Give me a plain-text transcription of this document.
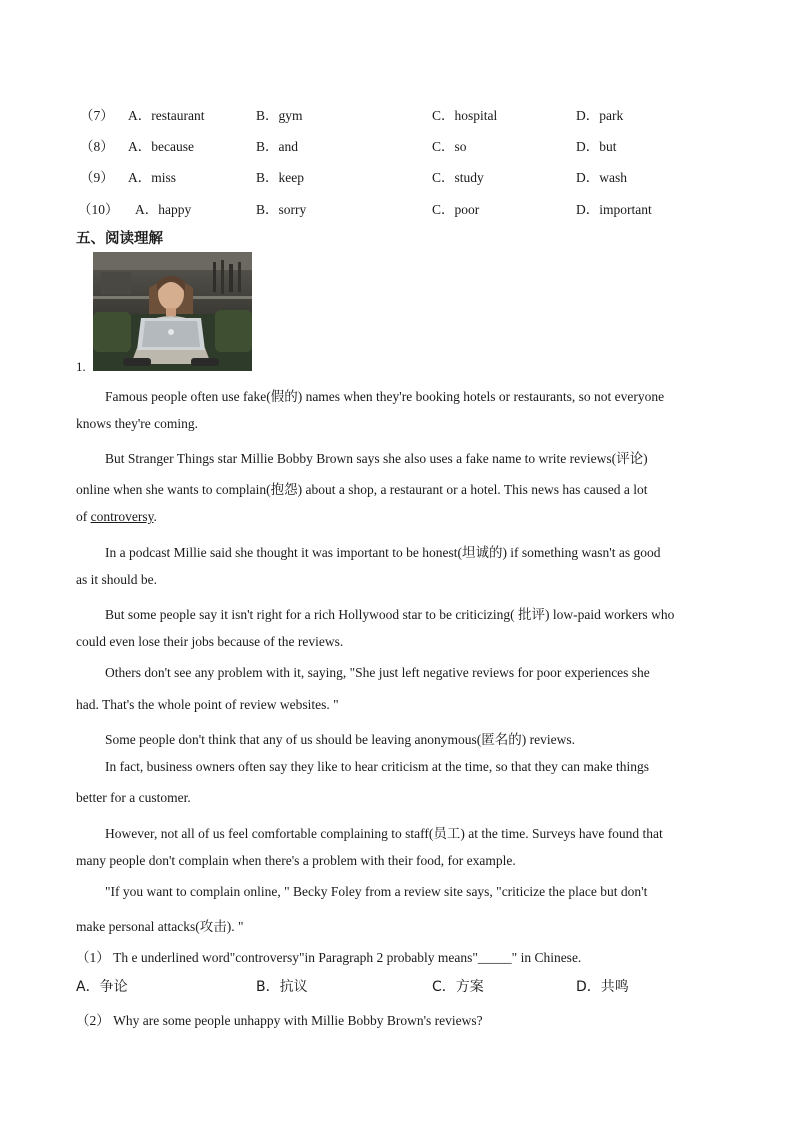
（7） A．restaurant	B．gym	C．hospital	D．park
（8） A．because	B．and	C．so	D．but
（9） A．miss	B．keep	C．study	D．wash
（10） A．happy	B．sorry	C．poor	D．important
五、阅读理解
1.
Famous people often use fake(假的) names when they're booking hotels or restaurants, so not everyone
knows they're coming.
But Stranger Things star Millie Bobby Brown says she also uses a fake name to write reviews(评论)
online when she wants to complain(抱怨) about a shop, a restaurant or a hotel. This news has caused a lot
of controversy.
In a podcast Millie said she thought it was important to be honest(坦诚的) if something wasn't as good
as it should be.
But some people say it isn't right for a rich Hollywood star to be criticizing( 批评) low-paid workers who
could even lose their jobs because of the reviews.
Others don't see any problem with it, saying, "She just left negative reviews for poor experiences she
had. That's the whole point of review websites. "
Some people don't think that any of us should be leaving anonymous(匿名的) reviews.
In fact, business owners often say they like to hear criticism at the time, so that they can make things
better for a customer.
However, not all of us feel comfortable complaining to staff(员工) at the time. Surveys have found that
many people don't complain when there's a problem with their food, for example.
"If you want to complain online, " Becky Foley from a review site says, "criticize the place but don't
make personal attacks(攻击). "
（1） Th e underlined word"controversy"in Paragraph 2 probably means"_____" in Chinese.
A．争论	B．抗议	C．方案	D．共鸣
（2） Why are some people unhappy with Millie Bobby Brown's reviews?
